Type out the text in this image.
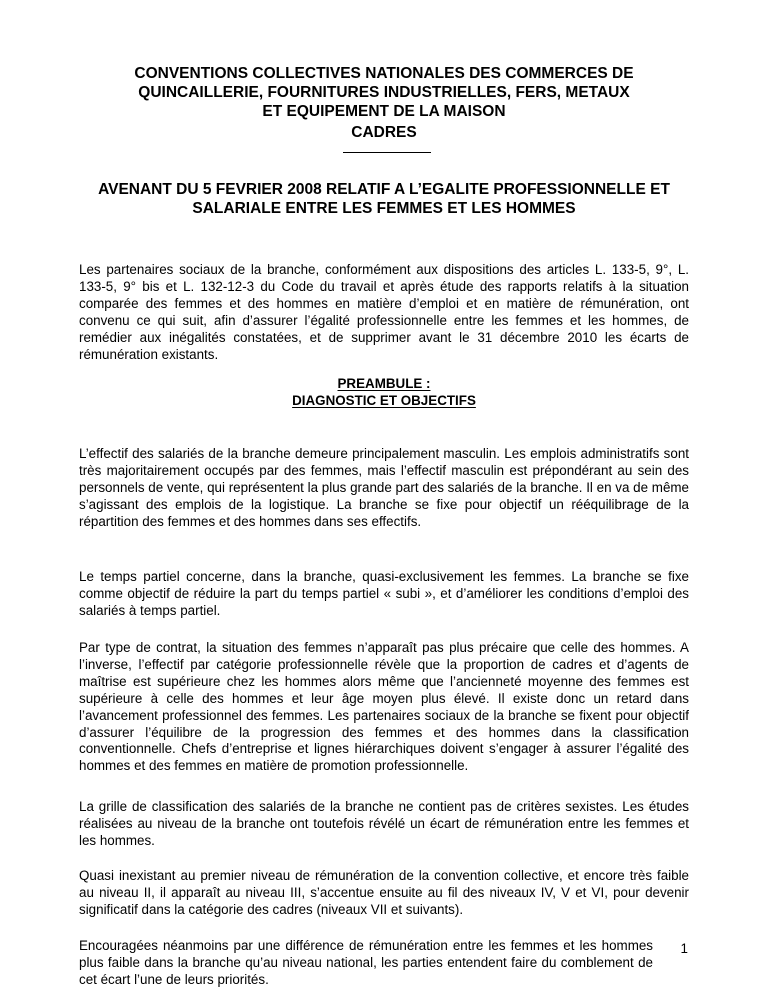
CONVENTIONS COLLECTIVES NATIONALES DES COMMERCES DE
QUINCAILLERIE, FOURNITURES INDUSTRIELLES, FERS, METAUX
ET EQUIPEMENT DE LA MAISON
CADRES
AVENANT DU 5 FEVRIER 2008 RELATIF A L’EGALITE PROFESSIONNELLE ET
SALARIALE ENTRE LES FEMMES ET LES HOMMES

Les partenaires sociaux de la branche, conformément aux dispositions des articles L. 133-5, 9°, L. 133-5, 9° bis et L. 132-12-3 du Code du travail et après étude des rapports relatifs à la situation comparée des femmes et des hommes en matière d’emploi et en matière de rémunération, ont convenu ce qui suit, afin d’assurer l’égalité professionnelle entre les femmes et les hommes, de remédier aux inégalités constatées, et de supprimer avant le 31 décembre 2010 les écarts de rémunération existants.

PREAMBULE :
DIAGNOSTIC ET OBJECTIFS

L’effectif des salariés de la branche demeure principalement masculin. Les emplois administratifs sont très majoritairement occupés par des femmes, mais l’effectif masculin est prépondérant au sein des personnels de vente, qui représentent la plus grande part des salariés de la branche. Il en va de même s’agissant des emplois de la logistique. La branche se fixe pour objectif un rééquilibrage de la répartition des femmes et des hommes dans ses effectifs.

Le temps partiel concerne, dans la branche, quasi-exclusivement les femmes. La branche se fixe comme objectif de réduire la part du temps partiel « subi », et d’améliorer les conditions d’emploi des salariés à temps partiel.

Par type de contrat, la situation des femmes n’apparaît pas plus précaire que celle des hommes. A l’inverse, l’effectif par catégorie professionnelle révèle que la proportion de cadres et d’agents de maîtrise est supérieure chez les hommes alors même que l’ancienneté moyenne des femmes est supérieure à celle des hommes et leur âge moyen plus élevé. Il existe donc un retard dans l’avancement professionnel des femmes. Les partenaires sociaux de la branche se fixent pour objectif d’assurer l’équilibre de la progression des femmes et des hommes dans la classification conventionnelle. Chefs d’entreprise et lignes hiérarchiques doivent s’engager à assurer l’égalité des hommes et des femmes en matière de promotion professionnelle.

La grille de classification des salariés de la branche ne contient pas de critères sexistes. Les études réalisées au niveau de la branche ont toutefois révélé un écart de rémunération entre les femmes et les hommes.

Quasi inexistant au premier niveau de rémunération de la convention collective, et encore très faible au niveau II, il apparaît au niveau III, s’accentue ensuite au fil des niveaux IV, V et VI, pour devenir significatif dans la catégorie des cadres (niveaux VII et suivants).

Encouragées néanmoins par une différence de rémunération entre les femmes et les hommes plus faible dans la branche qu’au niveau national, les parties entendent faire du comblement de cet écart l’une de leurs priorités.

1
